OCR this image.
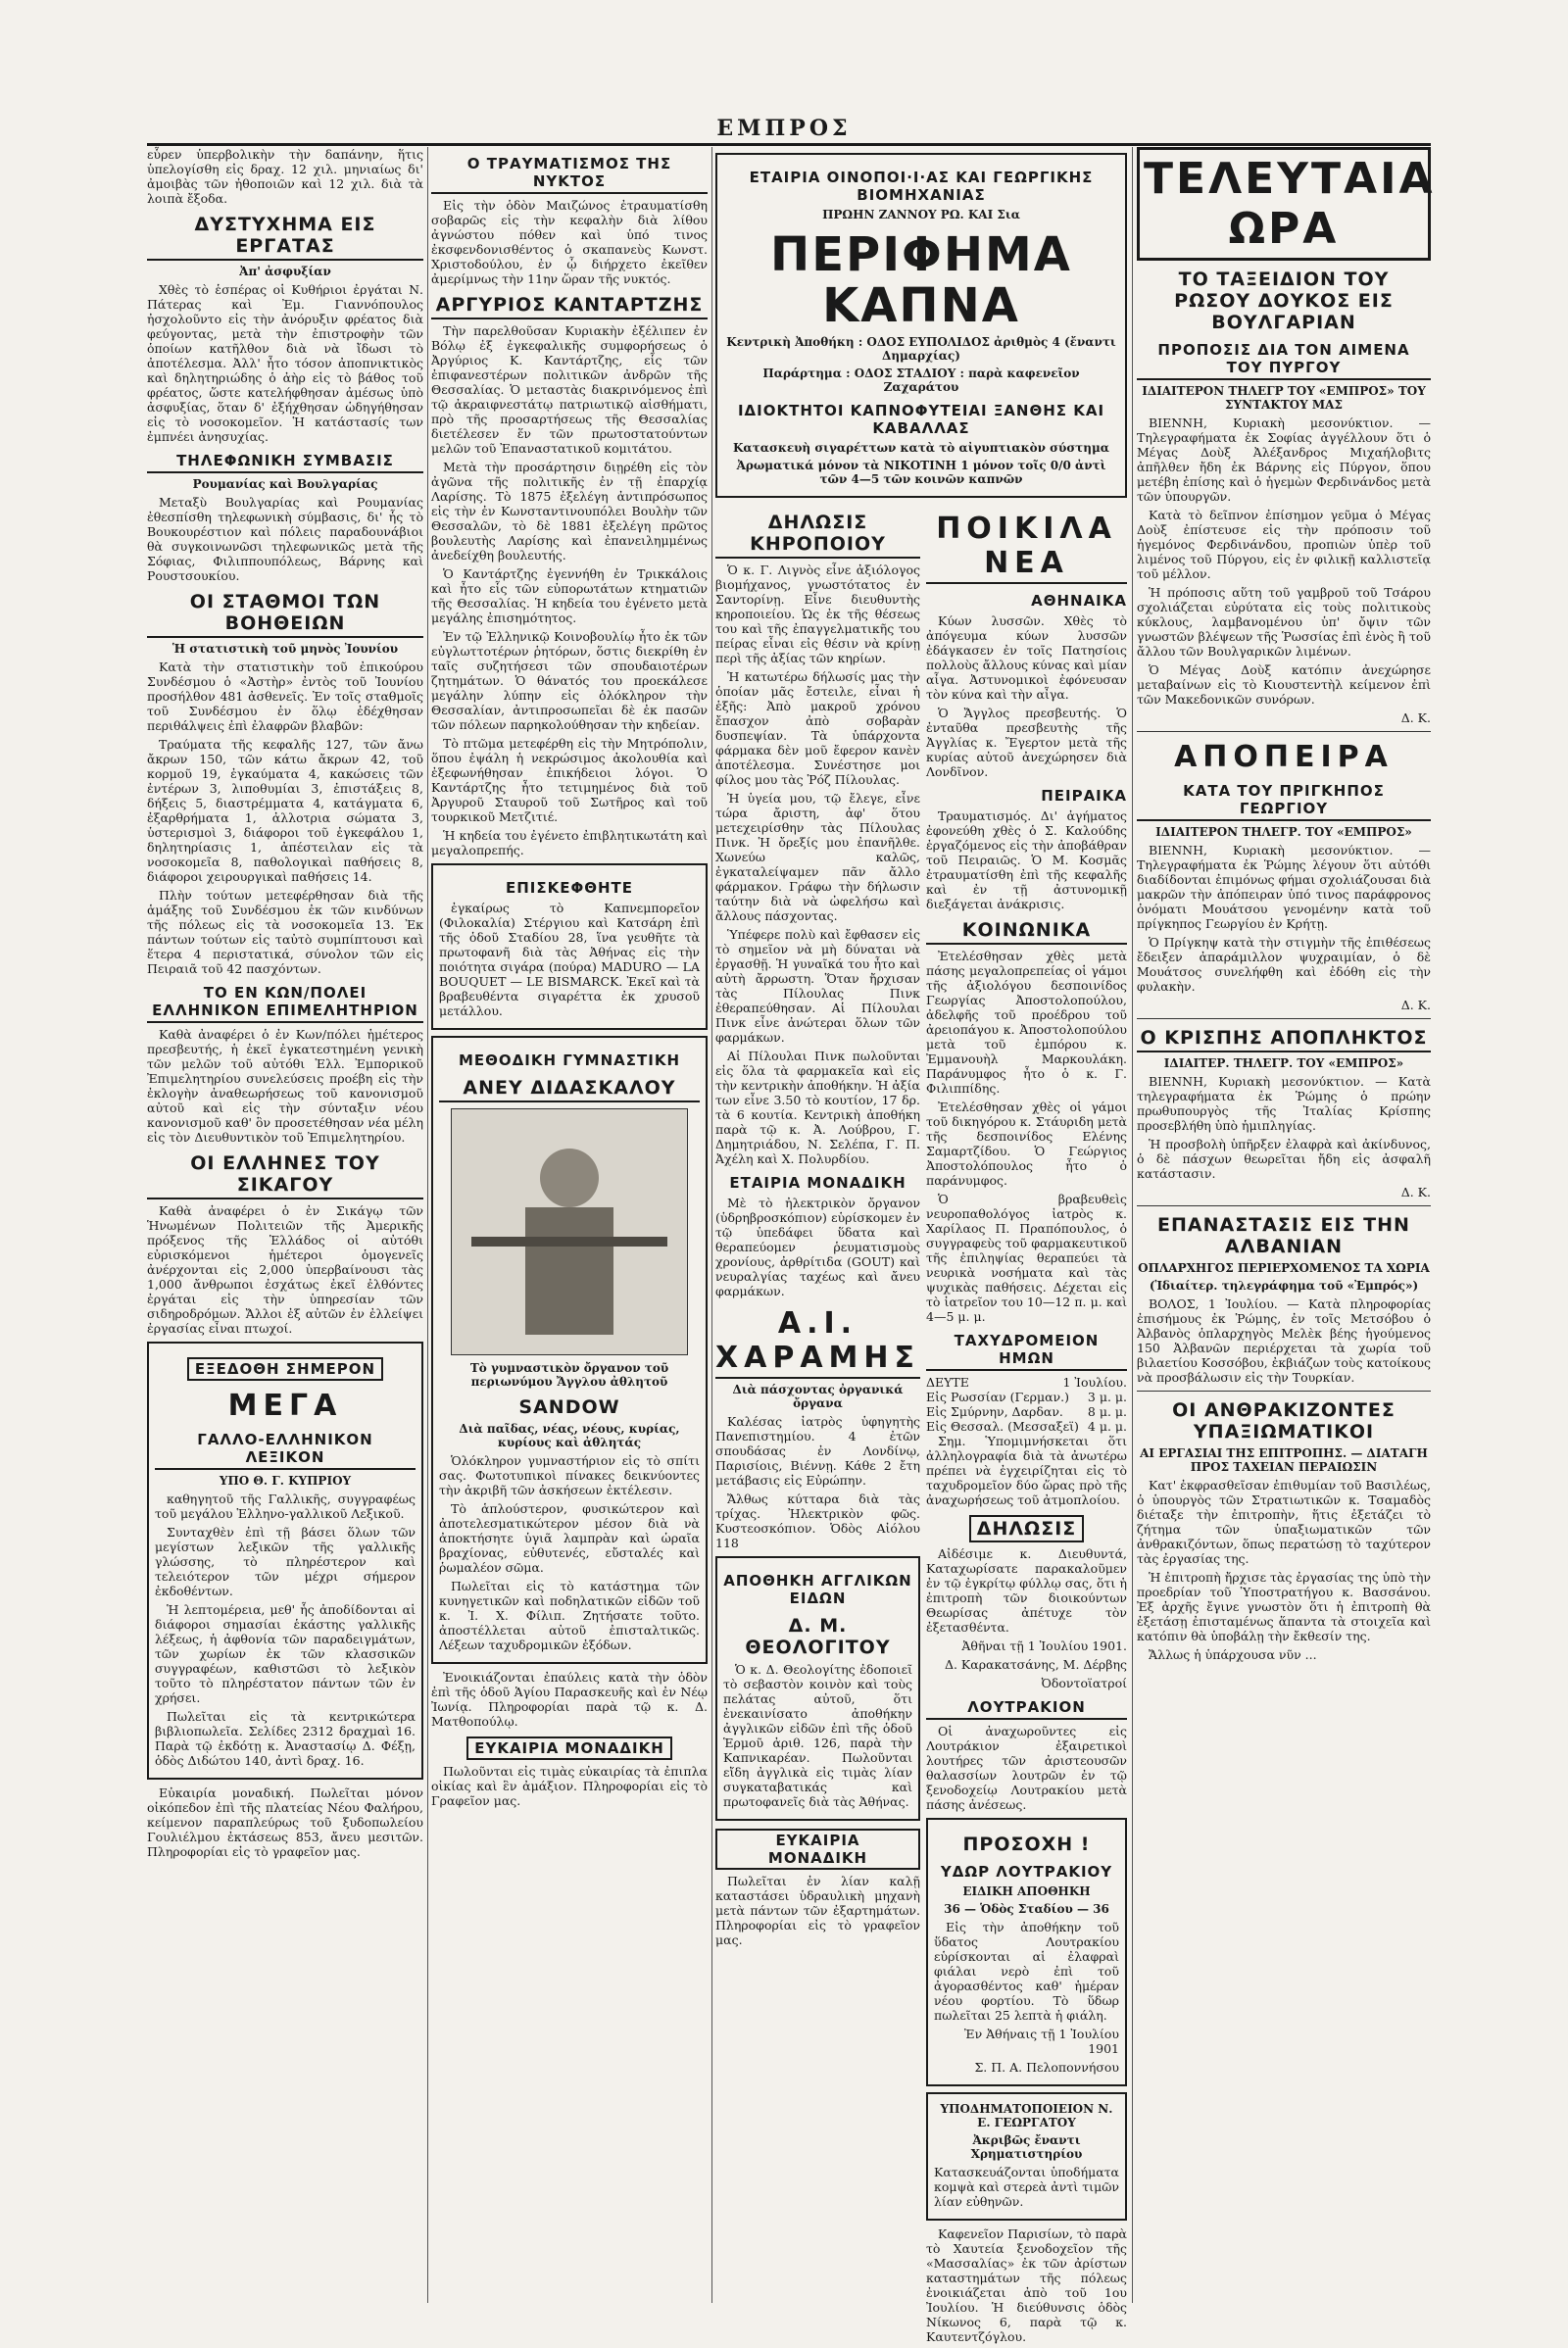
ΕΜΠΡΟΣ

εὗρεν ὑπερβολικὴν τὴν δαπάνην, ἥτις ὑπελογίσθη εἰς δραχ. 12 χιλ. μηνιαίως δι' ἀμοιβὰς τῶν ἠθοποιῶν καὶ 12 χιλ. διὰ τὰ λοιπὰ ἔξοδα.

ΔΥΣΤΥΧΗΜΑ ΕΙΣ ΕΡΓΑΤΑΣ
Ἀπ' ἀσφυξίαν

Χθὲς τὸ ἑσπέρας οἱ Κυθήριοι ἐργάται Ν. Πάτερας καὶ Ἐμ. Γιαννόπουλος ἠσχολοῦντο εἰς τὴν ἀνόρυξιν φρέατος διὰ φεύγοντας, μετὰ τὴν ἐπιστροφὴν τῶν ὁποίων κατῆλθον διὰ νὰ ἴδωσι τὸ ἀποτέλεσμα. Ἀλλ' ἦτο τόσον ἀποπνικτικὸς καὶ δηλητηριώδης ὁ ἀὴρ εἰς τὸ βάθος τοῦ φρέατος, ὥστε κατελήφθησαν ἀμέσως ὑπὸ ἀσφυξίας, ὅταν δ' ἐξήχθησαν ὡδηγήθησαν εἰς τὸ νοσοκομεῖον. Ἡ κατάστασίς των ἐμπνέει ἀνησυχίας.

ΤΗΛΕΦΩΝΙΚΗ ΣΥΜΒΑΣΙΣ
Ρουμανίας καὶ Βουλγαρίας

Μεταξὺ Βουλγαρίας καὶ Ρουμανίας ἐθεσπίσθη τηλεφωνικὴ σύμβασις, δι' ἧς τὸ Βουκουρέστιον καὶ πόλεις παραδουνάβιοι θὰ συγκοινωνῶσι τηλεφωνικῶς μετὰ τῆς Σόφιας, Φιλιππουπόλεως, Βάρνης καὶ Ρουστσουκίου.

ΟΙ ΣΤΑΘΜΟΙ ΤΩΝ ΒΟΗΘΕΙΩΝ
Ἡ στατιστικὴ τοῦ μηνὸς Ἰουνίου

Κατὰ τὴν στατιστικὴν τοῦ ἐπικούρου Συνδέσμου ὁ «Ἀστὴρ» ἐντὸς τοῦ Ἰουνίου προσήλθον 481 ἀσθενεῖς. Ἐν τοῖς σταθμοῖς τοῦ Συνδέσμου ἐν ὅλῳ ἐδέχθησαν περιθάλψεις ἐπὶ ἐλαφρῶν βλαβῶν:

Τραύματα τῆς κεφαλῆς 127, τῶν ἄνω ἄκρων 150, τῶν κάτω ἄκρων 42, τοῦ κορμοῦ 19, ἐγκαύματα 4, κακώσεις τῶν ἐντέρων 3, λιποθυμίαι 3, ἐπιστάξεις 8, δήξεις 5, διαστρέμματα 4, κατάγματα 6, ἐξαρθρήματα 1, ἀλλοτρια σώματα 3, ὑστερισμοὶ 3, διάφοροι τοῦ ἐγκεφάλου 1, δηλητηρίασις 1, ἀπέστειλαν εἰς τὰ νοσοκομεῖα 8, παθολογικαὶ παθήσεις 8, διάφοροι χειρουργικαὶ παθήσεις 14.

Πλὴν τούτων μετεφέρθησαν διὰ τῆς ἁμάξης τοῦ Συνδέσμου ἐκ τῶν κινδύνων τῆς πόλεως εἰς τὰ νοσοκομεῖα 13. Ἐκ πάντων τούτων εἰς ταὐτὸ συμπίπτουσι καὶ ἕτερα 4 περιστατικά, σύνολον τῶν εἰς Πειραιᾶ τοῦ 42 πασχόντων.

ΤΟ ΕΝ ΚΩΝ/ΠΟΛΕΙ ΕΛΛΗΝΙΚΟΝ ΕΠΙΜΕΛΗΤΗΡΙΟΝ

Καθὰ ἀναφέρει ὁ ἐν Κων/πόλει ἡμέτερος πρεσβευτής, ἡ ἐκεῖ ἐγκατεστημένη γενικὴ τῶν μελῶν τοῦ αὐτόθι Ἑλλ. Ἐμπορικοῦ Ἐπιμελητηρίου συνελεύσεις προέβη εἰς τὴν ἐκλογὴν ἀναθεωρήσεως τοῦ κανονισμοῦ αὐτοῦ καὶ εἰς τὴν σύνταξιν νέου κανονισμοῦ καθ' ὃν προσετέθησαν νέα μέλη εἰς τὸν Διευθυντικὸν τοῦ Ἐπιμελητηρίου.

ΟΙ ΕΛΛΗΝΕΣ ΤΟΥ ΣΙΚΑΓΟΥ

Καθὰ ἀναφέρει ὁ ἐν Σικάγῳ τῶν Ἡνωμένων Πολιτειῶν τῆς Ἀμερικῆς πρόξενος τῆς Ἑλλάδος οἱ αὐτόθι εὐρισκόμενοι ἡμέτεροι ὁμογενεῖς ἀνέρχονται εἰς 2,000 ὑπερβαίνουσι τὰς 1,000 ἄνθρωποι ἐσχάτως ἐκεῖ ἐλθόντες ἐργάται εἰς τὴν ὑπηρεσίαν τῶν σιδηροδρόμων. Ἄλλοι ἐξ αὐτῶν ἐν ἐλλείψει ἐργασίας εἶναι πτωχοί.

ΕΞΕΔΟΘΗ ΣΗΜΕΡΟΝ
ΜΕΓΑ
ΓΑΛΛΟ-ΕΛΛΗΝΙΚΟΝ ΛΕΞΙΚΟΝ
ΥΠΟ Θ. Γ. ΚΥΠΡΙΟΥ

καθηγητοῦ τῆς Γαλλικῆς, συγγραφέως τοῦ μεγάλου Ἑλληνο-γαλλικοῦ Λεξικοῦ.

Συνταχθὲν ἐπὶ τῇ βάσει ὅλων τῶν μεγίστων λεξικῶν τῆς γαλλικῆς γλώσσης, τὸ πληρέστερον καὶ τελειότερον τῶν μέχρι σήμερον ἐκδοθέντων.

Ἡ λεπτομέρεια, μεθ' ἧς ἀποδίδονται αἱ διάφοροι σημασίαι ἑκάστης γαλλικῆς λέξεως, ἡ ἀφθονία τῶν παραδειγμάτων, τῶν χωρίων ἐκ τῶν κλασσικῶν συγγραφέων, καθιστῶσι τὸ λεξικὸν τοῦτο τὸ πληρέστατον πάντων τῶν ἐν χρήσει.

Πωλεῖται εἰς τὰ κεντρικώτερα βιβλιοπωλεῖα. Σελίδες 2312 δραχμαὶ 16. Παρὰ τῷ ἐκδότῃ κ. Ἀναστασίῳ Δ. Φέξῃ, ὁδὸς Διδώτου 140, ἀντὶ δραχ. 16.

Εὐκαιρία μοναδική. Πωλεῖται μόνον οἰκόπεδον ἐπὶ τῆς πλατείας Νέου Φαλήρου, κείμενον παραπλεύρως τοῦ ξυδοπωλείου Γουλιέλμου ἐκτάσεως 853, ἄνευ μεσιτῶν. Πληροφορίαι εἰς τὸ γραφεῖον μας.

Ο ΤΡΑΥΜΑΤΙΣΜΟΣ ΤΗΣ ΝΥΚΤΟΣ

Εἰς τὴν ὁδὸν Μαιζώνος ἐτραυματίσθη σοβαρῶς εἰς τὴν κεφαλὴν διὰ λίθου ἀγνώστου πόθεν καὶ ὑπό τινος ἐκσφενδονισθέντος ὁ σκαπανεὺς Κωνστ. Χριστοδούλου, ἐν ᾧ διήρχετο ἐκεῖθεν ἀμερίμνως τὴν 11ην ὥραν τῆς νυκτός.

ΑΡΓΥΡΙΟΣ ΚΑΝΤΑΡΤΖΗΣ

Τὴν παρελθοῦσαν Κυριακὴν ἐξέλιπεν ἐν Βόλῳ ἐξ ἐγκεφαλικῆς συμφορήσεως ὁ Ἀργύριος Κ. Καντάρτζης, εἷς τῶν ἐπιφανεστέρων πολιτικῶν ἀνδρῶν τῆς Θεσσαλίας. Ὁ μεταστὰς διακρινόμενος ἐπὶ τῷ ἀκραιφνεστάτῳ πατριωτικῷ αἰσθήματι, πρὸ τῆς προσαρτήσεως τῆς Θεσσαλίας διετέλεσεν ἕν τῶν πρωτοστατούντων μελῶν τοῦ Ἐπαναστατικοῦ κομιτάτου.

Μετὰ τὴν προσάρτησιν διῃρέθη εἰς τὸν ἀγῶνα τῆς πολιτικῆς ἐν τῇ ἐπαρχίᾳ Λαρίσης. Τὸ 1875 ἐξελέγη ἀντιπρόσωπος εἰς τὴν ἐν Κωνσταντινουπόλει Βουλὴν τῶν Θεσσαλῶν, τὸ δὲ 1881 ἐξελέγη πρῶτος βουλευτὴς Λαρίσης καὶ ἐπανειλημμένως ἀνεδείχθη βουλευτής.

Ὁ Καντάρτζης ἐγεννήθη ἐν Τρικκάλοις καὶ ἦτο εἷς τῶν εὐπορωτάτων κτηματιῶν τῆς Θεσσαλίας. Ἡ κηδεία του ἐγένετο μετὰ μεγάλης ἐπισημότητος.

Ἐν τῷ Ἑλληνικῷ Κοινοβουλίῳ ἦτο ἐκ τῶν εὐγλωττοτέρων ῥητόρων, ὅστις διεκρίθη ἐν ταῖς συζητήσεσι τῶν σπουδαιοτέρων ζητημάτων. Ὁ θάνατός του προεκάλεσε μεγάλην λύπην εἰς ὁλόκληρον τὴν Θεσσαλίαν, ἀντιπροσωπεῖαι δὲ ἐκ πασῶν τῶν πόλεων παρηκολούθησαν τὴν κηδείαν.

Τὸ πτῶμα μετεφέρθη εἰς τὴν Μητρόπολιν, ὅπου ἐψάλη ἡ νεκρώσιμος ἀκολουθία καὶ ἐξεφωνήθησαν ἐπικήδειοι λόγοι. Ὁ Καντάρτζης ἦτο τετιμημένος διὰ τοῦ Ἀργυροῦ Σταυροῦ τοῦ Σωτῆρος καὶ τοῦ τουρκικοῦ Μετζιτιέ.

Ἡ κηδεία του ἐγένετο ἐπιβλητικωτάτη καὶ μεγαλοπρεπής.

ΕΠΙΣΚΕΦΘΗΤΕ

ἐγκαίρως τὸ Καπνεμπορεῖον (Φιλοκαλία) Στέργιου καὶ Κατσάρη ἐπὶ τῆς ὁδοῦ Σταδίου 28, ἵνα γευθῆτε τὰ πρωτοφανῆ διὰ τὰς Ἀθήνας εἰς τὴν ποιότητα σιγάρα (πούρα) MADURO — LA BOUQUET — LE BISMARCK. Ἐκεῖ καὶ τὰ βραβευθέντα σιγαρέττα ἐκ χρυσοῦ μετάλλου.

ΜΕΘΟΔΙΚΗ ΓΥΜΝΑΣΤΙΚΗ
ΑΝΕΥ ΔΙΔΑΣΚΑΛΟΥ
Τὸ γυμναστικὸν ὄργανον τοῦ περιωνύμου Ἄγγλου ἀθλητοῦ
SANDOW
Διὰ παῖδας, νέας, νέους, κυρίας, κυρίους καὶ ἀθλητάς

Ὁλόκληρον γυμναστήριον εἰς τὸ σπίτι σας. Φωτοτυπικοὶ πίνακες δεικνύοντες τὴν ἀκριβῆ τῶν ἀσκήσεων ἐκτέλεσιν.

Τὸ ἁπλούστερον, φυσικώτερον καὶ ἀποτελεσματικώτερον μέσον διὰ νὰ ἀποκτήσητε ὑγιᾶ λαμπρὰν καὶ ὡραῖα βραχίονας, εὐθυτενές, εὔσταλές καὶ ῥωμαλέον σῶμα.

Πωλεῖται εἰς τὸ κατάστημα τῶν κυνηγετικῶν καὶ ποδηλατικῶν εἰδῶν τοῦ κ. Ἰ. Χ. Φίλιπ. Ζητήσατε τοῦτο. ἀποστέλλεται αὐτοῦ ἐπισταλτικῶς. Λέξεων ταχυδρομικῶν ἐξόδων.

Ἐνοικιάζονται ἐπαύλεις κατὰ τὴν ὁδὸν ἐπὶ τῆς ὁδοῦ Ἁγίου Παρασκευῆς καὶ ἐν Νέῳ Ἰωνίᾳ. Πληροφορίαι παρὰ τῷ κ. Δ. Ματθοπούλῳ.

ΕΥΚΑΙΡΙΑ ΜΟΝΑΔΙΚΗ

Πωλοῦνται εἰς τιμὰς εὐκαιρίας τὰ ἐπιπλα οἰκίας καὶ ἓν ἀμάξιον. Πληροφορίαι εἰς τὸ Γραφεῖον μας.

ΕΤΑΙΡΙΑ ΟΙΝΟΠΟΙ·Ι·ΑΣ ΚΑΙ ΓΕΩΡΓΙΚΗΣ ΒΙΟΜΗΧΑΝΙΑΣ
ΠΡΩΗΝ ΖΑΝΝΟΥ ΡΩ. ΚΑΙ Σια
ΠΕΡΙΦΗΜΑ ΚΑΠΝΑ
Κεντρικὴ Ἀποθήκη : ΟΔΟΣ ΕΥΠΟΛΙΔΟΣ ἀριθμὸς 4 (ἔναντι Δημαρχίας)
Παράρτημα : ΟΔΟΣ ΣΤΑΔΙΟΥ : παρὰ καφενεῖον Ζαχαράτου
ΙΔΙΟΚΤΗΤΟΙ ΚΑΠΝΟΦΥΤΕΙΑΙ ΞΑΝΘΗΣ ΚΑΙ ΚΑΒΑΛΛΑΣ
Κατασκευὴ σιγαρέττων κατὰ τὸ αἰγυπτιακὸν σύστημα
Ἀρωματικά μόνον τὰ ΝΙΚΟΤΙΝΗ 1 μόνον τοῖς 0/0 ἀντὶ τῶν 4—5 τῶν κοινῶν καπνῶν
ΔΗΛΩΣΙΣ ΚΗΡΟΠΟΙΟΥ

Ὁ κ. Γ. Λιγνὸς εἶνε ἀξιόλογος βιομήχανος, γνωστότατος ἐν Σαντορίνῃ. Εἶνε διευθυντὴς κηροποιείου. Ὡς ἐκ τῆς θέσεως του καὶ τῆς ἐπαγγελματικῆς του πείρας εἶναι εἰς θέσιν νὰ κρίνῃ περὶ τῆς ἀξίας τῶν κηρίων.

Ἡ κατωτέρω δήλωσίς μας τὴν ὁποίαν μᾶς ἔστειλε, εἶναι ἡ ἑξῆς: Ἀπὸ μακροῦ χρόνου ἔπασχον ἀπὸ σοβαρὰν δυσπεψίαν. Τὰ ὑπάρχοντα φάρμακα δὲν μοῦ ἔφερον κανὲν ἀποτέλεσμα. Συνέστησε μοι φίλος μου τὰς Ῥόζ Πίλουλας.

Ἡ ὑγεία μου, τῷ ἔλεγε, εἶνε τώρα ἄριστη, ἀφ' ὅτου μετεχειρίσθην τὰς Πίλουλας Πινκ. Ἡ ὄρεξίς μου ἐπανῆλθε. Χωνεύω καλῶς, ἐγκαταλείψαμεν πᾶν ἄλλο φάρμακον. Γράφω τὴν δήλωσιν ταύτην διὰ νὰ ὠφελήσω καὶ ἄλλους πάσχοντας.

Ὑπέφερε πολὺ καὶ ἔφθασεν εἰς τὸ σημεῖον νὰ μὴ δύναται νὰ ἐργασθῇ. Ἡ γυναῖκά του ἦτο καὶ αὐτὴ ἄρρωστη. Ὅταν ἤρχισαν τὰς Πίλουλας Πινκ ἐθεραπεύθησαν. Αἱ Πίλουλαι Πινκ εἶνε ἀνώτεραι ὅλων τῶν φαρμάκων.

Αἱ Πίλουλαι Πινκ πωλοῦνται εἰς ὅλα τὰ φαρμακεῖα καὶ εἰς τὴν κεντρικὴν ἀποθήκην. Ἡ ἀξία των εἶνε 3.50 τὸ κουτίον, 17 δρ. τὰ 6 κουτία. Κεντρικὴ ἀποθήκη παρὰ τῷ κ. Ἀ. Λούβρου, Γ. Δημητριάδου, Ν. Σελέπα, Γ. Π. Ἀχέλη καὶ Χ. Πολυρδίου.

ΕΤΑΙΡΙΑ ΜΟΝΑΔΙΚΗ

Μὲ τὸ ἠλεκτρικὸν ὄργανον (ὑδρηβροσκόπιον) εὑρίσκομεν ἐν τῷ ὑπεδάφει ὕδατα καὶ θεραπεύομεν ῥευματισμοὺς χρονίους, ἀρθρίτιδα (GOUT) καὶ νευραλγίας ταχέως καὶ ἄνευ φαρμάκων.

Α.Ι. ΧΑΡΑΜΗΣ
Διὰ πάσχοντας ὀργανικά ὄργανα

Καλέσας ἰατρὸς ὑφηγητὴς Πανεπιστημίου. 4 ἐτῶν σπουδάσας ἐν Λονδίνῳ, Παρισίοις, Βιέννῃ. Κάθε 2 ἔτη μετάβασις εἰς Εὐρώπην.

Ἄλθως κύτταρα διὰ τὰς τρίχας. Ἠλεκτρικὸν φῶς. Κυστεοσκόπιον. Ὁδὸς Αἰόλου 118

ΑΠΟΘΗΚΗ ΑΓΓΛΙΚΩΝ ΕΙΔΩΝ
Δ. Μ. ΘΕΟΛΟΓΙΤΟΥ

Ὁ κ. Δ. Θεολογίτης ἐδοποιεῖ τὸ σεβαστὸν κοινὸν καὶ τοὺς πελάτας αὐτοῦ, ὅτι ἐνεκαινίσατο ἀποθήκην ἀγγλικῶν εἰδῶν ἐπὶ τῆς ὁδοῦ Ἑρμοῦ ἀριθ. 126, παρὰ τὴν Καπνικαρέαν. Πωλοῦνται εἴδη ἀγγλικὰ εἰς τιμὰς λίαν συγκαταβατικάς καὶ πρωτοφανεῖς διὰ τὰς Ἀθήνας.

ΕΥΚΑΙΡΙΑ ΜΟΝΑΔΙΚΗ

Πωλεῖται ἐν λίαν καλῇ καταστάσει ὑδραυλικὴ μηχανὴ μετὰ πάντων τῶν ἐξαρτημάτων. Πληροφορίαι εἰς τὸ γραφεῖον μας.

ΠΟΙΚΙΛΑ ΝΕΑ
ΑΘΗΝΑΙΚΑ

Κύων λυσσῶν. Χθὲς τὸ ἀπόγευμα κύων λυσσῶν ἐδάγκασεν ἐν τοῖς Πατησίοις πολλοὺς ἄλλους κύνας καὶ μίαν αἶγα. Ἀστυνομικοὶ ἐφόνευσαν τὸν κύνα καὶ τὴν αἶγα.

Ὁ Ἄγγλος πρεσβευτής. Ὁ ἐνταῦθα πρεσβευτὴς τῆς Ἀγγλίας κ. Ἔγερτον μετὰ τῆς κυρίας αὐτοῦ ἀνεχώρησεν διὰ Λονδῖνον.

ΠΕΙΡΑΙΚΑ

Τραυματισμός. Δι' ἀγήματος ἐφονεύθη χθὲς ὁ Σ. Καλούδης ἐργαζόμενος εἰς τὴν ἀποβάθραν τοῦ Πειραιῶς. Ὁ Μ. Κοσμᾶς ἐτραυματίσθη ἐπὶ τῆς κεφαλῆς καὶ ἐν τῇ ἀστυνομικῇ διεξάγεται ἀνάκρισις.

ΚΟΙΝΩΝΙΚΑ

Ἐτελέσθησαν χθὲς μετὰ πάσης μεγαλοπρεπείας οἱ γάμοι τῆς ἀξιολόγου δεσποινίδος Γεωργίας Ἀποστολοπούλου, ἀδελφῆς τοῦ προέδρου τοῦ ἀρειοπάγου κ. Ἀποστολοπούλου μετὰ τοῦ ἐμπόρου κ. Ἐμμανουὴλ Μαρκουλάκη. Παράνυμφος ἦτο ὁ κ. Γ. Φιλιππίδης.

Ἐτελέσθησαν χθὲς οἱ γάμοι τοῦ δικηγόρου κ. Στάυριδη μετὰ τῆς δεσποινίδος Ελένης Σαμαρτζίδου. Ὁ Γεώργιος Ἀποστολόπουλος ἦτο ὁ παράνυμφος.

Ὁ βραβευθεὶς νευροπαθολόγος ἰατρὸς κ. Χαρίλαος Π. Πραπόπουλος, ὁ συγγραφεὺς τοῦ φαρμακευτικοῦ τῆς ἐπιληψίας θεραπεύει τὰ νευρικὰ νοσήματα καὶ τὰς ψυχικὰς παθήσεις. Δέχεται εἰς τὸ ἰατρεῖον του 10—12 π. μ. καὶ 4—5 μ. μ.

ΤΑΧΥΔΡΟΜΕΙΟΝ ΗΜΩΝ
ΔΕΥΤΕ	1 Ἰουλίου.
Εἰς Ρωσσίαν (Γερμαν.) 3 μ. μ.
Εἰς Σμύρνην, Δαρδαν. 8 μ. μ.
Εἰς Θεσσαλ. (Μεσσαξεϊ) 4 μ. μ.

Σημ. Ὑπομιμνήσκεται ὅτι ἀλληλογραφία διὰ τὰ ἀνωτέρω πρέπει νὰ ἐγχειρίζηται εἰς τὸ ταχυδρομεῖον δύο ὥρας πρὸ τῆς ἀναχωρήσεως τοῦ ἀτμοπλοίου.

ΔΗΛΩΣΙΣ

Αἰδέσιμε κ. Διευθυντά, Καταχωρίσατε παρακαλοῦμεν ἐν τῷ ἐγκρίτῳ φύλλῳ σας, ὅτι ἡ ἐπιτροπὴ τῶν διοικούντων Θεωρίσας ἀπέτυχε τὸν ἐξετασθέντα.

Ἀθῆναι τῇ 1 Ἰουλίου 1901.
Δ. Καρακατσάνης, Μ. Δέρβης
Ὀδοντοϊατροί
ΛΟΥΤΡΑΚΙΟΝ

Οἱ ἀναχωροῦντες εἰς Λουτράκιον ἐξαιρετικοὶ λουτήρες τῶν ἀριστεουσῶν θαλασσίων λουτρῶν ἐν τῷ ξενοδοχείῳ Λουτρακίου μετὰ πάσης ἀνέσεως.

ΠΡΟΣΟΧΗ !
ΥΔΩΡ ΛΟΥΤΡΑΚΙΟΥ
ΕΙΔΙΚΗ ΑΠΟΘΗΚΗ
36 — Ὁδὸς Σταδίου — 36

Εἰς τὴν ἀποθήκην τοῦ ὕδατος Λουτρακίου εὑρίσκονται αἱ ἐλαφραὶ φιάλαι νερὸ ἐπὶ τοῦ ἀγορασθέντος καθ' ἡμέραν νέου φορτίου. Τὸ ὕδωρ πωλεῖται 25 λεπτὰ ἡ φιάλη.

Ἐν Ἀθήναις τῇ 1 Ἰουλίου 1901
Σ. Π. Α. Πελοποννήσου
ΥΠΟΔΗΜΑΤΟΠΟΙΕΙΟΝ Ν. Ε. ΓΕΩΡΓΑΤΟΥ
Ἀκριβῶς ἔναντι Χρηματιστηρίου

Κατασκευάζονται ὑποδήματα κομψὰ καὶ στερεὰ ἀντὶ τιμῶν λίαν εὐθηνῶν.

Καφενεῖον Παρισίων, τὸ παρὰ τὸ Χαυτεία ξενοδοχεῖον τῆς «Μασσαλίας» ἐκ τῶν ἀρίστων καταστημάτων τῆς πόλεως ἐνοικιάζεται ἀπὸ τοῦ 1ου Ἰουλίου. Ἡ διεύθυνσις ὁδὸς Νίκωνος 6, παρὰ τῷ κ. Καυτεντζόγλου.

ΤΕΛΕΥΤΑΙΑ ΩΡΑ
ΤΟ ΤΑΞΕΙΔΙΟΝ ΤΟΥ ΡΩΣΟΥ ΔΟΥΚΟΣ ΕΙΣ ΒΟΥΛΓΑΡΙΑΝ
ΠΡΟΠΟΣΙΣ ΔΙΑ ΤΟΝ ΑΙΜΕΝΑ ΤΟΥ ΠΥΡΓΟΥ
ΙΔΙΑΙΤΕΡΟΝ ΤΗΛΕΓΡ ΤΟΥ «ΕΜΠΡΟΣ» ΤΟΥ ΣΥΝΤΑΚΤΟΥ ΜΑΣ

ΒΙΕΝΝΗ, Κυριακὴ μεσονύκτιον. — Τηλεγραφήματα ἐκ Σοφίας ἀγγέλλουν ὅτι ὁ Μέγας Δοὺξ Ἀλέξανδρος Μιχαήλοβιτς ἀπῆλθεν ἤδη ἐκ Βάρνης εἰς Πύργον, ὅπου μετέβη ἐπίσης καὶ ὁ ἡγεμὼν Φερδινάνδος μετὰ τῶν ὑπουργῶν.

Κατὰ τὸ δεῖπνον ἐπίσημον γεῦμα ὁ Μέγας Δοὺξ ἐπίστευσε εἰς τὴν πρόποσιν τοῦ ἡγεμόνος Φερδινάνδου, προπιὼν ὑπὲρ τοῦ λιμένος τοῦ Πύργου, εἰς ἐν φιλικῇ καλλιστεῖᾳ τοῦ μέλλον.

Ἡ πρόποσις αὕτη τοῦ γαμβροῦ τοῦ Τσάρου σχολιάζεται εὐρύτατα εἰς τοὺς πολιτικοὺς κύκλους, λαμβανομένου ὑπ' ὄψιν τῶν γνωστῶν βλέψεων τῆς Ῥωσσίας ἐπὶ ἑνὸς ἢ τοῦ ἄλλου τῶν Βουλγαρικῶν λιμένων.

Ὁ Μέγας Δοὺξ κατόπιν ἀνεχώρησε μεταβαίνων εἰς τὸ Κιουστεντὴλ κείμενον ἐπὶ τῶν Μακεδονικῶν συνόρων.

Δ. Κ.
ΑΠΟΠΕΙΡΑ
ΚΑΤΑ ΤΟΥ ΠΡΙΓΚΗΠΟΣ ΓΕΩΡΓΙΟΥ
ΙΔΙΑΙΤΕΡΟΝ ΤΗΛΕΓΡ. ΤΟΥ «ΕΜΠΡΟΣ»

ΒΙΕΝΝΗ, Κυριακὴ μεσονύκτιον. — Τηλεγραφήματα ἐκ Ῥώμης λέγουν ὅτι αὐτόθι διαδίδονται ἐπιμόνως φήμαι σχολιάζουσαι διὰ μακρῶν τὴν ἀπόπειραν ὑπό τινος παράφρονος ὀνόματι Μουάτσου γενομένην κατὰ τοῦ πρίγκηπος Γεωργίου ἐν Κρήτῃ.

Ὁ Πρίγκηψ κατὰ τὴν στιγμὴν τῆς ἐπιθέσεως ἔδειξεν ἀπαράμιλλον ψυχραιμίαν, ὁ δὲ Μουάτσος συνελήφθη καὶ ἐδόθη εἰς τὴν φυλακὴν.

Δ. Κ.
Ο ΚΡΙΣΠΗΣ ΑΠΟΠΛΗΚΤΟΣ
ΙΔΙΑΙΤΕΡ. ΤΗΛΕΓΡ. ΤΟΥ «ΕΜΠΡΟΣ»

ΒΙΕΝΝΗ, Κυριακὴ μεσονύκτιον. — Κατὰ τηλεγραφήματα ἐκ Ῥώμης ὁ πρώην πρωθυπουργὸς τῆς Ἰταλίας Κρίσπης προσεβλήθη ὑπὸ ἡμιπληγίας.

Ἡ προσβολὴ ὑπῆρξεν ἐλαφρὰ καὶ ἀκίνδυνος, ὁ δὲ πάσχων θεωρεῖται ἤδη εἰς ἀσφαλῆ κατάστασιν.

Δ. Κ.
ΕΠΑΝΑΣΤΑΣΙΣ ΕΙΣ ΤΗΝ ΑΛΒΑΝΙΑΝ
ΟΠΛΑΡΧΗΓΟΣ ΠΕΡΙΕΡΧΟΜΕΝΟΣ ΤΑ ΧΩΡΙΑ
(Ἰδιαίτερ. τηλεγράφημα τοῦ «Ἐμπρός»)

ΒΟΛΟΣ, 1 Ἰουλίου. — Κατὰ πληροφορίας ἐπισήμους ἐκ Ῥώμης, ἐν τοῖς Μετσόβου ὁ Ἀλβανὸς ὁπλαρχηγὸς Μελὲκ βέης ἡγούμενος 150 Ἀλβανῶν περιέρχεται τὰ χωρία τοῦ βιλαετίου Κοσσόβου, ἐκβιάζων τοὺς κατοίκους νὰ προσβάλωσιν εἰς τὴν Τουρκίαν.

ΟΙ ΑΝΘΡΑΚΙΖΟΝΤΕΣ ΥΠΑΞΙΩΜΑΤΙΚΟΙ
ΑΙ ΕΡΓΑΣΙΑΙ ΤΗΣ ΕΠΙΤΡΟΠΗΣ. — ΔΙΑΤΑΓΗ ΠΡΟΣ ΤΑΧΕΙΑΝ ΠΕΡΑΙΩΣΙΝ

Κατ' ἐκφρασθεῖσαν ἐπιθυμίαν τοῦ Βασιλέως, ὁ ὑπουργὸς τῶν Στρατιωτικῶν κ. Τσαμαδὸς διέταξε τὴν ἐπιτροπὴν, ἥτις ἐξετάζει τὸ ζήτημα τῶν ὑπαξιωματικῶν τῶν ἀνθρακιζόντων, ὅπως περατώσῃ τὸ ταχύτερον τὰς ἐργασίας της.

Ἡ ἐπιτροπὴ ἤρχισε τὰς ἐργασίας της ὑπὸ τὴν προεδρίαν τοῦ Ὑποστρατήγου κ. Βασσάνου. Ἐξ ἀρχῆς ἔγινε γνωστὸν ὅτι ἡ ἐπιτροπὴ θὰ ἐξετάσῃ ἐπισταμένως ἅπαντα τὰ στοιχεῖα καὶ κατόπιν θὰ ὑποβάλῃ τὴν ἔκθεσίν της.

Ἄλλως ἡ ὑπάρχουσα νῦν ...
